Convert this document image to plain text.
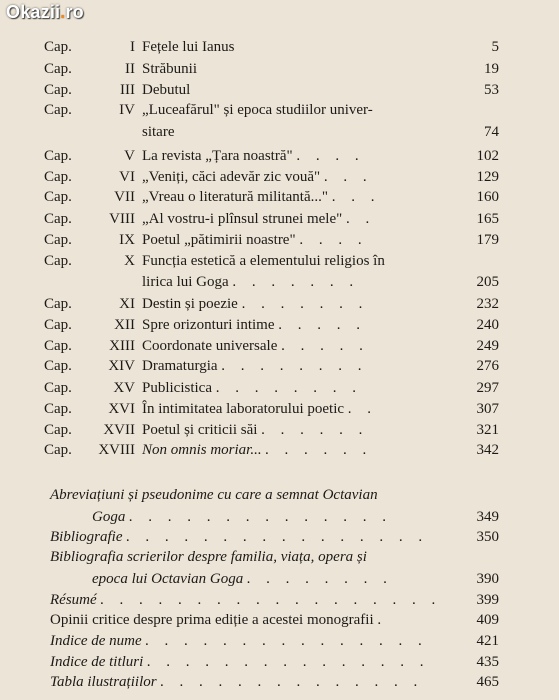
Okazii.ro
Cap.	I Fețele lui Ianus	5
Cap.	II Străbunii	19
Cap.	III Debutul	53
Cap.	IV „Luceafărul" și epoca studiilor univer-
sitare	74
Cap.	V La revista „Țara noastră" . . . .	102
Cap.	VI „Veniți, căci adevăr zic vouă" . . .	129
Cap.	VII „Vreau o literatură militantă..." . . .	160
Cap. VIII „Al vostru-i plînsul strunei mele" . .	165
Cap.	IX Poetul „pătimirii noastre" . . . .	179
Cap.	X Funcția estetică a elementului religios în
lirica lui Goga . . . . . . .	205
Cap.	XI Destin și poezie . . . . . . .	232
Cap.	XII Spre orizonturi intime . . . . .	240
Cap. XIII Coordonate universale . . . . .	249
Cap. XIV Dramaturgia . . . . . . . .	276
Cap.	XV Publicistica . . . . . . . .	297
Cap. XVI În intimitatea laboratorului poetic . .	307
Cap. XVII Poetul și criticii săi . . . . . .	321
Cap. XVIII Non omnis moriar... . . . . . .	342
Abreviațiuni și pseudonime cu care a semnat Octavian
Goga . . . . . . . . . . . . . .	349
Bibliografie . . . . . . . . . . . . . . . .	350
Bibliografia scrierilor despre familia, viața, opera și
epoca lui Octavian Goga . . . . . . . .	390
Résumé . . . . . . . . . . . . . . . . . . 399
Opinii critice despre prima ediție a acestei monografii .	409
Indice de nume . . . . . . . . . . . . . . .	421
Indice de titluri . . . . . . . . . . . . . . .	435
Tabla ilustrațiilor . . . . . . . . . . . . . .	465
